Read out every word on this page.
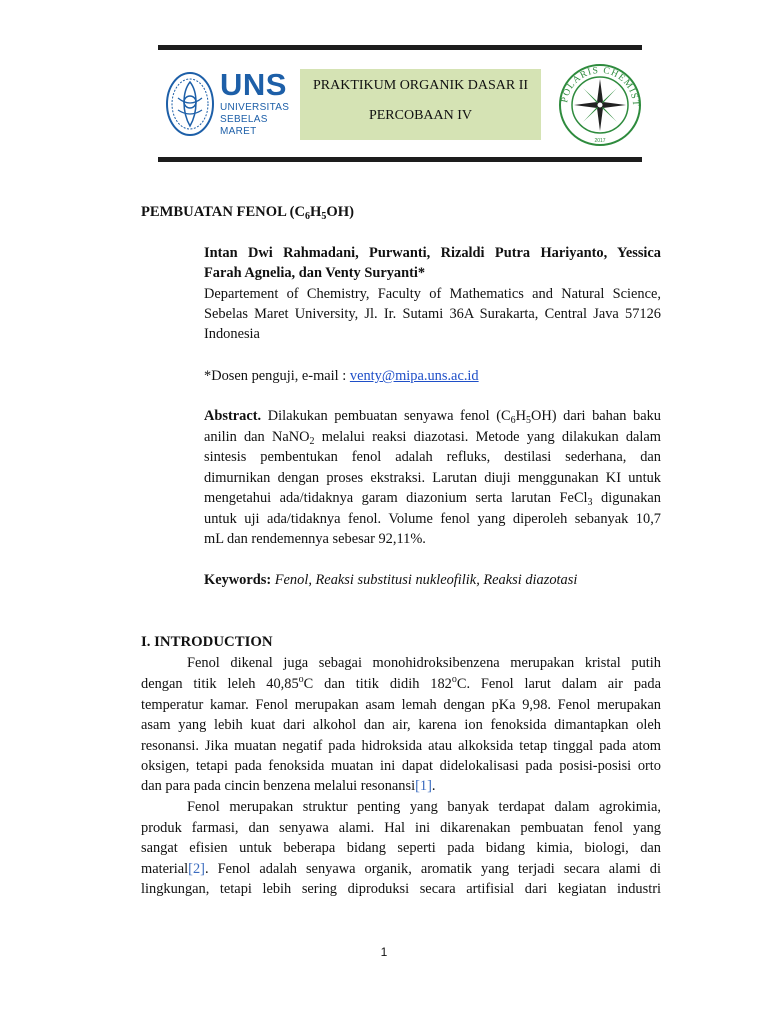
UNS
UNIVERSITAS
SEBELAS MARET
PRAKTIKUM ORGANIK DASAR II
PERCOBAAN IV
POLARIS CHEMIST
2017
PEMBUATAN FENOL $(C_6H_5OH)$
Intan Dwi Rahmadani, Purwanti, Rizaldi Putra Hariyanto, Yessica
Farah Agnelia, dan Venty Suryanti*
Departement of Chemistry, Faculty of Mathematics and Natural Science,
Sebelas Maret University, Jl. Ir. Sutami 36A Surakarta, Central Java 57126
Indonesia
*Dosen penguji, e-mail : venty@mipa.uns.ac.id
Abstract. Dilakukan pembuatan senyawa fenol $(C_6H_5OH)$ dari bahan baku
anilin dan NaNO$_2$ melalui reaksi diazotasi. Metode yang dilakukan dalam
sintesis pembentukan fenol adalah refluks, destilasi sederhana, dan
dimurnikan dengan proses ekstraksi. Larutan diuji menggunakan KI untuk
mengetahui ada/tidaknya garam diazonium serta larutan FeCl$_3$ digunakan
untuk uji ada/tidaknya fenol. Volume fenol yang diperoleh sebanyak 10,7
mL dan rendemennya sebesar 92,11%.
Keywords: Fenol, Reaksi substitusi nukleofilik, Reaksi diazotasi
I. INTRODUCTION
Fenol dikenal juga sebagai monohidroksibenzena merupakan kristal putih
dengan titik leleh 40,85$^o$C dan titik didih 182$^o$C. Fenol larut dalam air pada
temperatur kamar. Fenol merupakan asam lemah dengan pKa 9,98. Fenol merupakan
asam yang lebih kuat dari alkohol dan air, karena ion fenoksida dimantapkan oleh
resonansi. Jika muatan negatif pada hidroksida atau alkoksida tetap tinggal pada atom
oksigen, tetapi pada fenoksida muatan ini dapat didelokalisasi pada posisi-posisi orto
dan para pada cincin benzena melalui resonansi[1].
Fenol merupakan struktur penting yang banyak terdapat dalam agrokimia,
produk farmasi, dan senyawa alami. Hal ini dikarenakan pembuatan fenol yang
sangat efisien untuk beberapa bidang seperti pada bidang kimia, biologi, dan
material[2]. Fenol adalah senyawa organik, aromatik yang terjadi secara alami di
lingkungan, tetapi lebih sering diproduksi secara artifisial dari kegiatan industri
1
